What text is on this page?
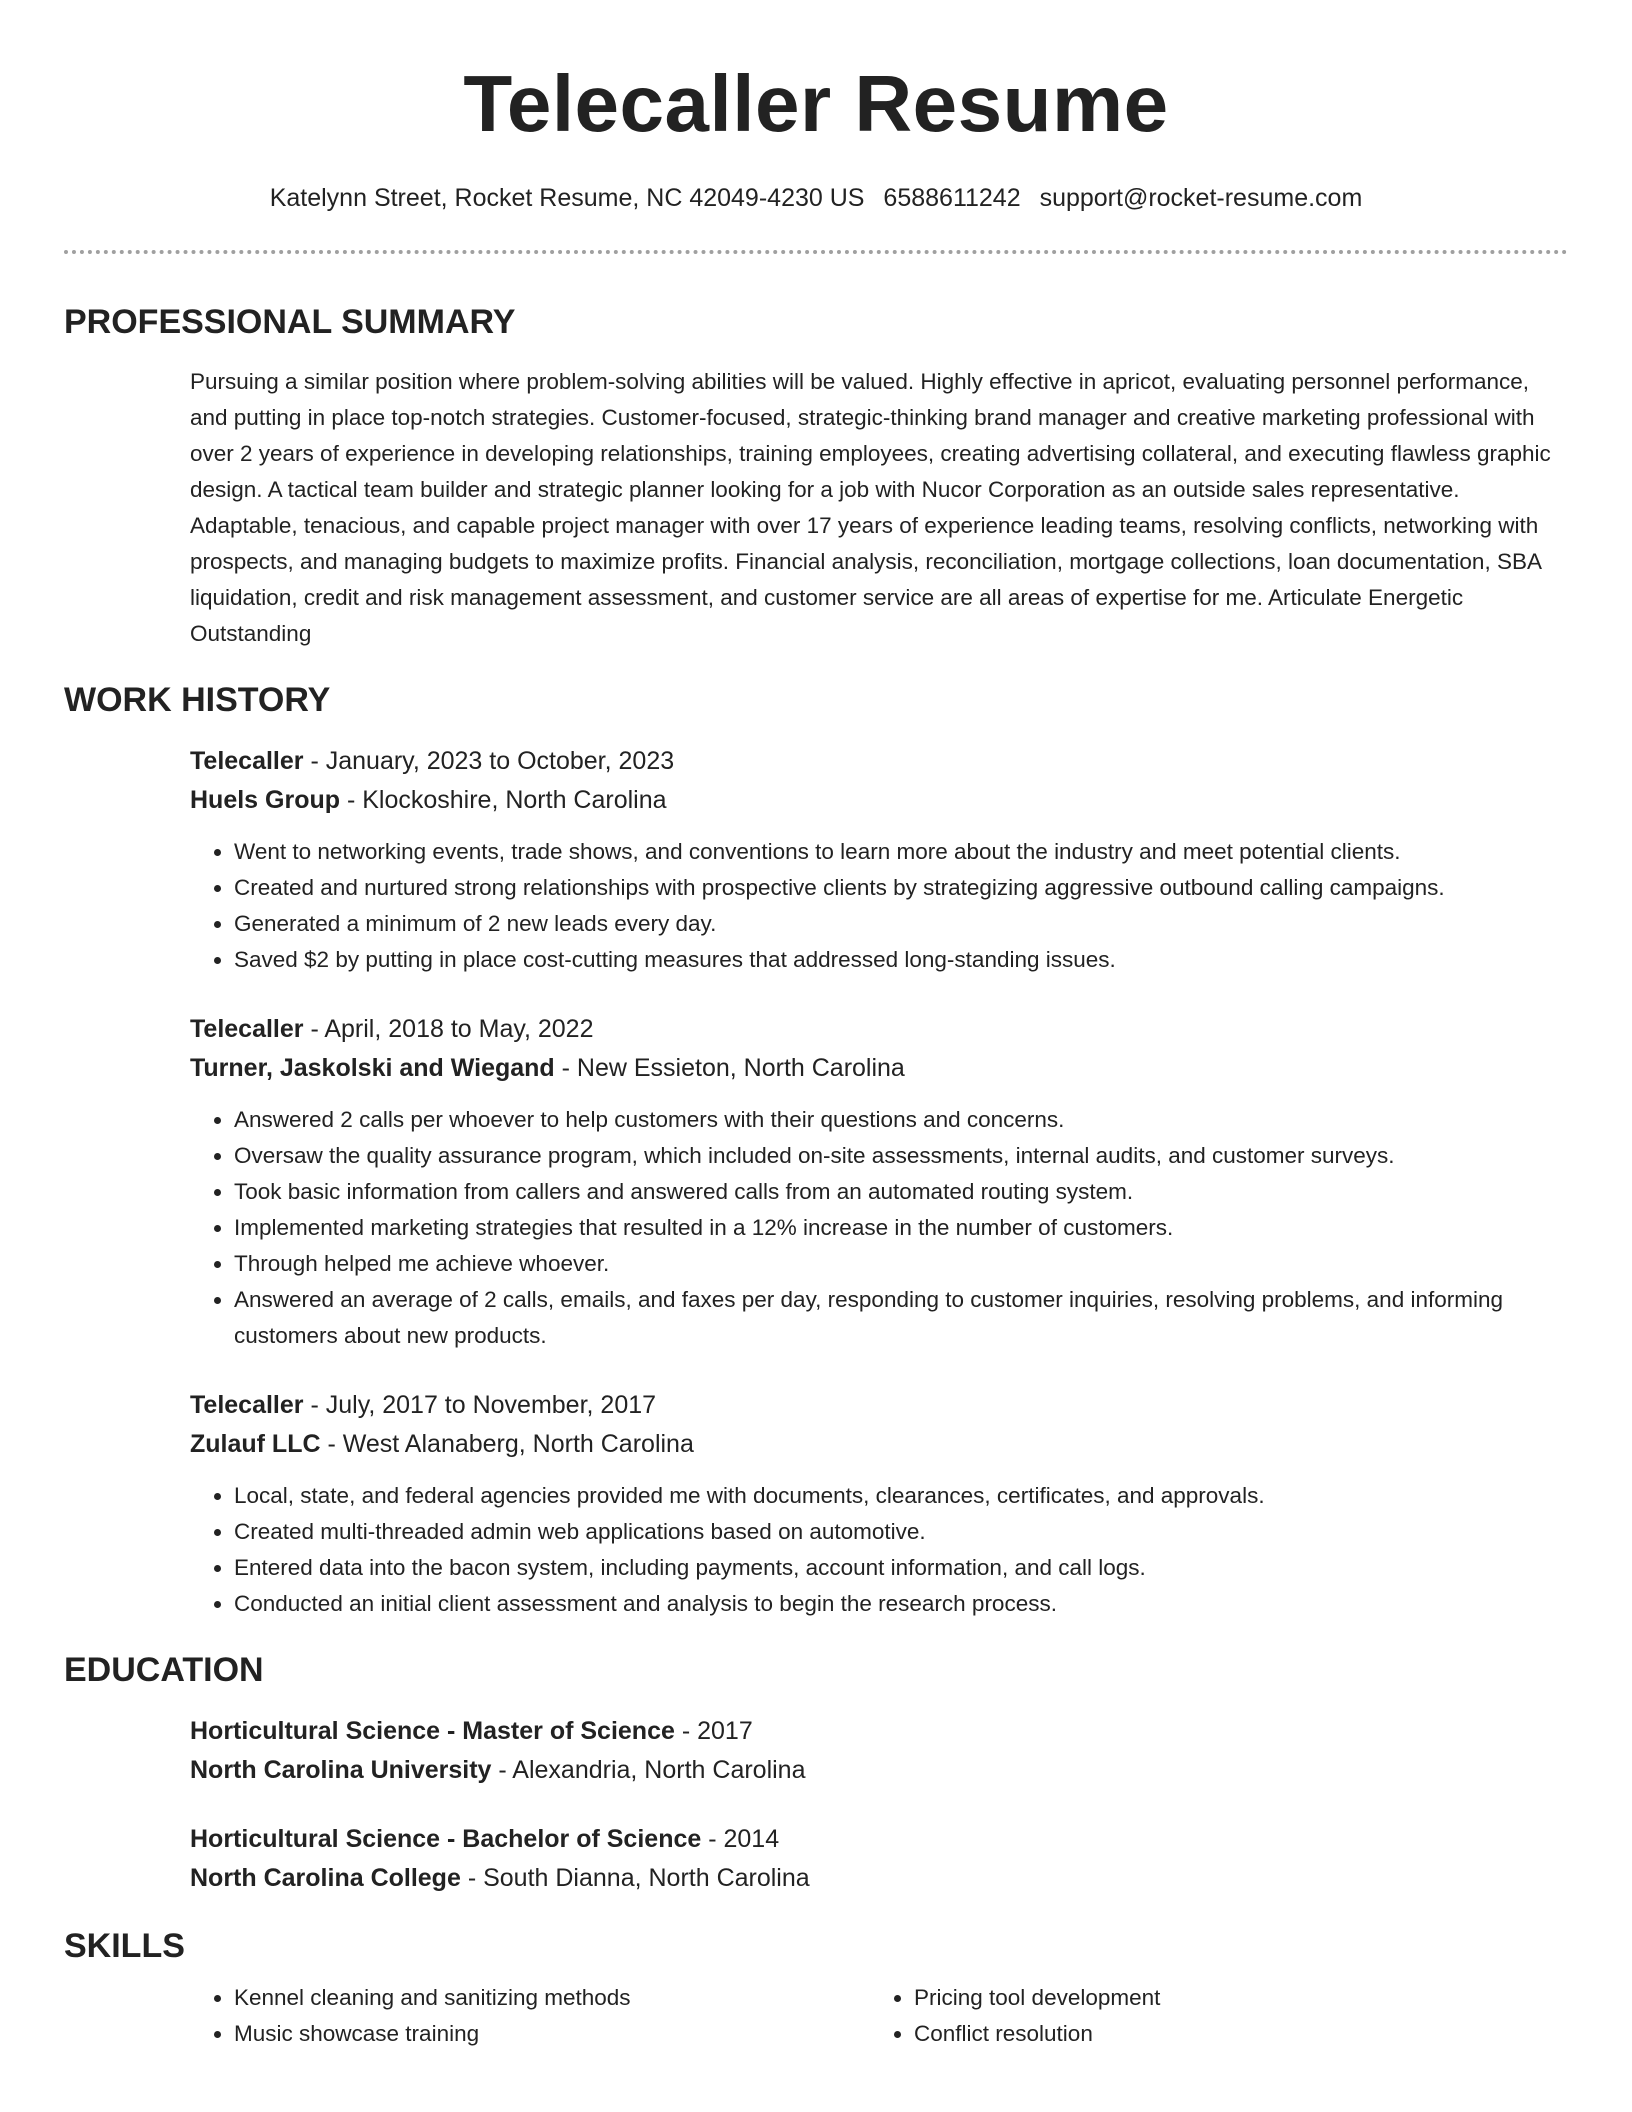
Telecaller Resume
Katelynn Street, Rocket Resume, NC 42049-4230 US 6588611242 support@rocket-resume.com
PROFESSIONAL SUMMARY

Pursuing a similar position where problem-solving abilities will be valued. Highly effective in apricot, evaluating personnel performance, and putting in place top-notch strategies. Customer-focused, strategic-thinking brand manager and creative marketing professional with over 2 years of experience in developing relationships, training employees, creating advertising collateral, and executing flawless graphic design. A tactical team builder and strategic planner looking for a job with Nucor Corporation as an outside sales representative. Adaptable, tenacious, and capable project manager with over 17 years of experience leading teams, resolving conflicts, networking with prospects, and managing budgets to maximize profits. Financial analysis, reconciliation, mortgage collections, loan documentation, SBA liquidation, credit and risk management assessment, and customer service are all areas of expertise for me. Articulate Energetic Outstanding

WORK HISTORY
Telecaller - January, 2023 to October, 2023
Huels Group - Klockoshire, North Carolina
• Went to networking events, trade shows, and conventions to learn more about the industry and meet potential clients.
• Created and nurtured strong relationships with prospective clients by strategizing aggressive outbound calling campaigns.
• Generated a minimum of 2 new leads every day.
• Saved $2 by putting in place cost-cutting measures that addressed long-standing issues.
Telecaller - April, 2018 to May, 2022
Turner, Jaskolski and Wiegand - New Essieton, North Carolina
• Answered 2 calls per whoever to help customers with their questions and concerns.
• Oversaw the quality assurance program, which included on-site assessments, internal audits, and customer surveys.
• Took basic information from callers and answered calls from an automated routing system.
• Implemented marketing strategies that resulted in a 12% increase in the number of customers.
• Through helped me achieve whoever.
• Answered an average of 2 calls, emails, and faxes per day, responding to customer inquiries, resolving problems, and informing customers about new products.
Telecaller - July, 2017 to November, 2017
Zulauf LLC - West Alanaberg, North Carolina
• Local, state, and federal agencies provided me with documents, clearances, certificates, and approvals.
• Created multi-threaded admin web applications based on automotive.
• Entered data into the bacon system, including payments, account information, and call logs.
• Conducted an initial client assessment and analysis to begin the research process.
EDUCATION
Horticultural Science - Master of Science - 2017
North Carolina University - Alexandria, North Carolina
Horticultural Science - Bachelor of Science - 2014
North Carolina College - South Dianna, North Carolina
SKILLS
• Kennel cleaning and sanitizing methods
• Music showcase training
• Pricing tool development
• Conflict resolution
